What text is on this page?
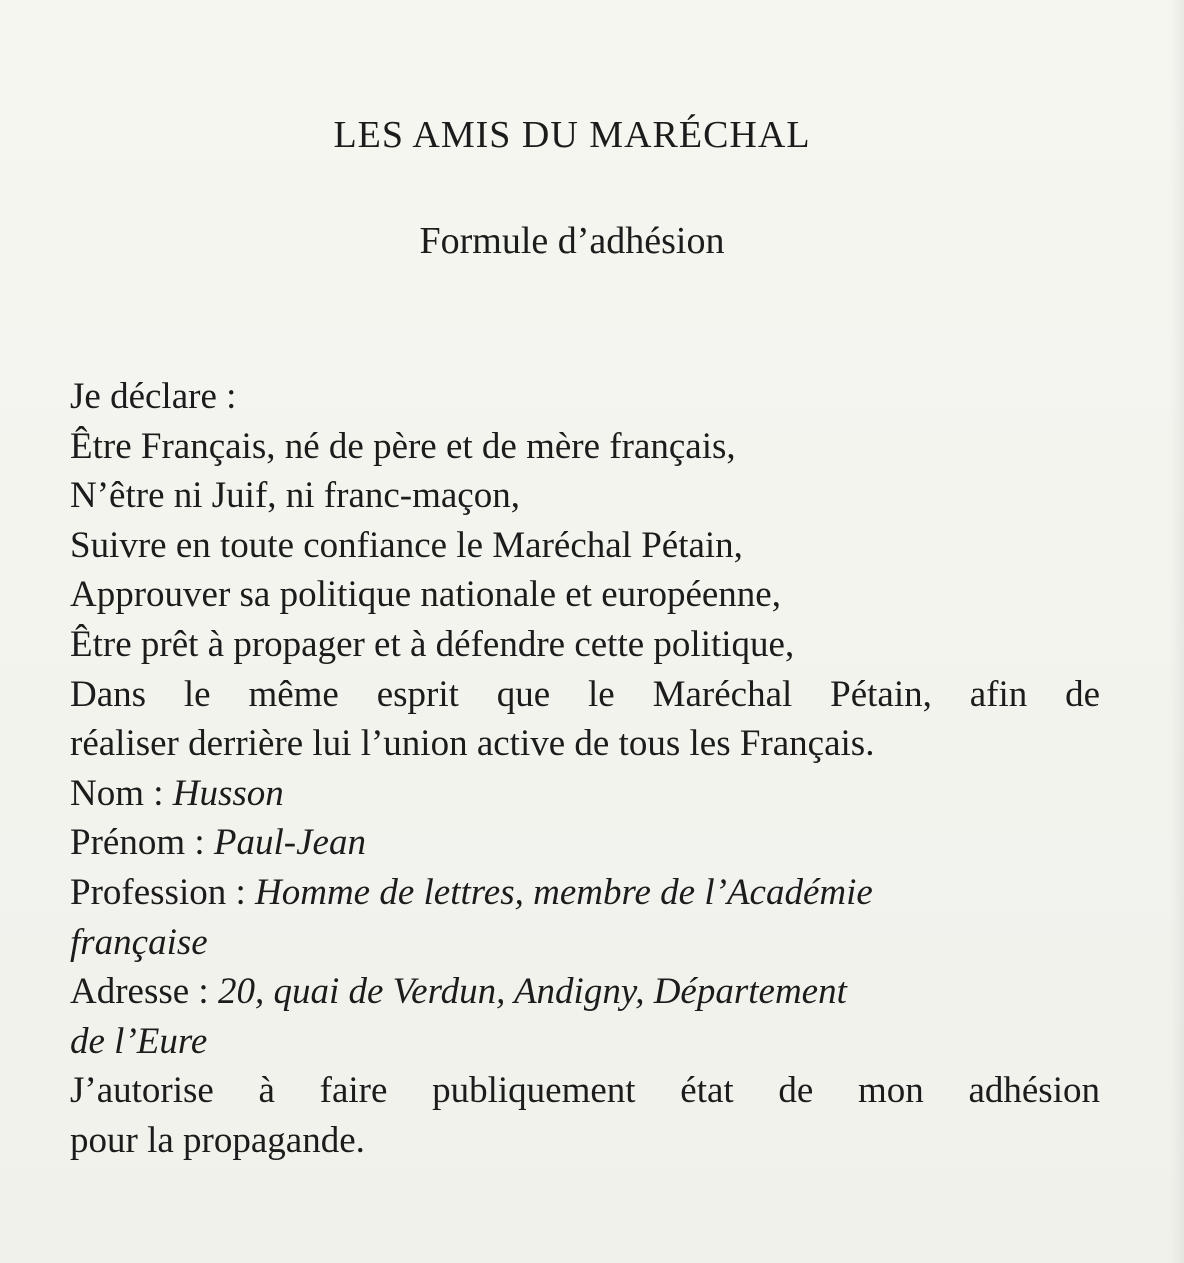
LES AMIS DU MARÉCHAL
Formule d’adhésion
Je déclare :
Être Français, né de père et de mère français,
N’être ni Juif, ni franc-maçon,
Suivre en toute confiance le Maréchal Pétain,
Approuver sa politique nationale et européenne,
Être prêt à propager et à défendre cette politique,
Dans le même esprit que le Maréchal Pétain, afin de
réaliser derrière lui l’union active de tous les Français.
Nom : Husson
Prénom : Paul-Jean
Profession : Homme de lettres, membre de l’Académie
française
Adresse : 20, quai de Verdun, Andigny, Département
de l’Eure
J’autorise à faire publiquement état de mon adhésion
pour la propagande.
